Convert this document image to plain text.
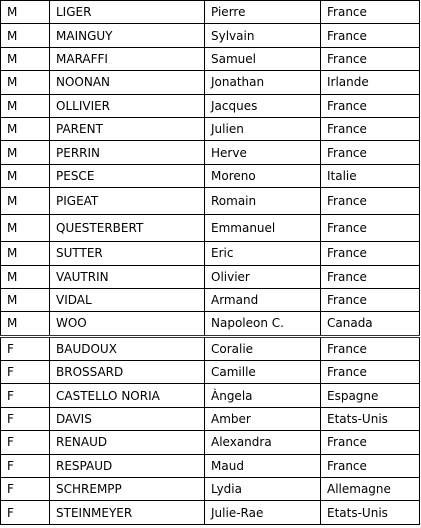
M	LIGER	Pierre	France
M	MAINGUY	Sylvain	France
M	MARAFFI	Samuel	France
M	NOONAN	Jonathan	Irlande
M	OLLIVIER	Jacques	France
M	PARENT	Julien	France
M	PERRIN	Herve	France
M	PESCE	Moreno	Italie
M	PIGEAT	Romain	France
M	QUESTERBERT	Emmanuel	France
M	SUTTER	Eric	France
M	VAUTRIN	Olivier	France
M	VIDAL	Armand	France
M	WOO	Napoleon C.	Canada
F	BAUDOUX	Coralie	France
F	BROSSARD	Camille	France
F	CASTELLO NORIA	Àngela	Espagne
F	DAVIS	Amber	Etats-Unis
F	RENAUD	Alexandra	France
F	RESPAUD	Maud	France
F	SCHREMPP	Lydia	Allemagne
F	STEINMEYER	Julie-Rae	Etats-Unis
